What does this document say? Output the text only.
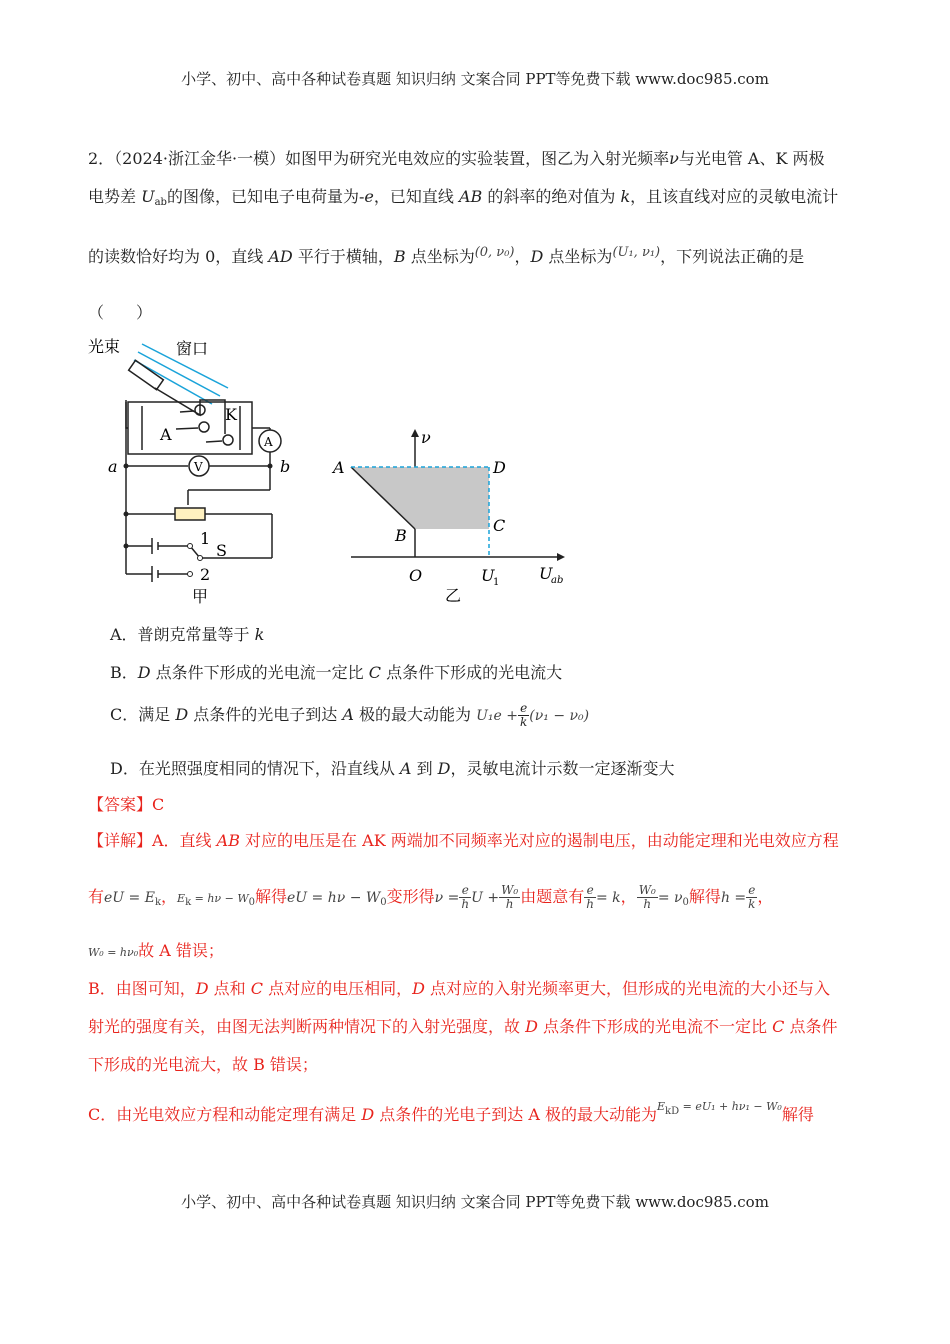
小学、初中、高中各种试卷真题 知识归纳 文案合同 PPT等免费下载 www.doc985.com
2．（2024·浙江金华·一模）如图甲为研究光电效应的实验装置，图乙为入射光频率ν与光电管 A、K 两极
电势差 $U_{ab}$的图像，已知电子电荷量为-e，已知直线 AB 的斜率的绝对值为 k，且该直线对应的灵敏电流计
的读数恰好均为 0，直线 AD 平行于横轴，B 点坐标为$^{(0, \nu_0)}$，D 点坐标为$^{(U_1, \nu_1)}$，下列说法正确的是
（　　）
光束	窗口
A
K
A
V
a	b
S
1
2
甲
ν
A
B
C
D
O	U
1 U
ab
乙
A．普朗克常量等于 k
B．D 点条件下形成的光电流一定比 C 点条件下形成的光电流大
C．满足 D 点条件的光电子到达 A 极的最大动能为 $U_1e + \frac{e}{k} (\nu_1 - \nu_0)$
D．在光照强度相同的情况下，沿直线从 A 到 D，灵敏电流计示数一定逐渐变大
【答案】C
【详解】A．直线 AB 对应的电压是在 AK 两端加不同频率光对应的遏制电压，由动能定理和光电效应方程
有eU = $E_k$，$E_k = h\nu - W_0$解得eU = $h\nu - W_0$变形得$\nu = \frac{e}{h}$ $U + \frac{\text{W₀}}{h}$ 由题意有 $\frac{e}{h} = k$， $\frac{\text{W₀}}{h} = \nu_0$解得$h = \frac{e}{k}$ ，
W₀ = hν₀故 A 错误；
B．由图可知，D 点和 C 点对应的电压相同，D 点对应的入射光频率更大，但形成的光电流的大小还与入
射光的强度有关，由图无法判断两种情况下的入射光强度，故 D 点条件下形成的光电流不一定比 C 点条件
下形成的光电流大，故 B 错误；
C．由光电效应方程和动能定理有满足 D 点条件的光电子到达 A 极的最大动能为$^{EkD}$ $^{= eU_1 + h\nu_1 - W_0}$解得
小学、初中、高中各种试卷真题 知识归纳 文案合同 PPT等免费下载 www.doc985.com
